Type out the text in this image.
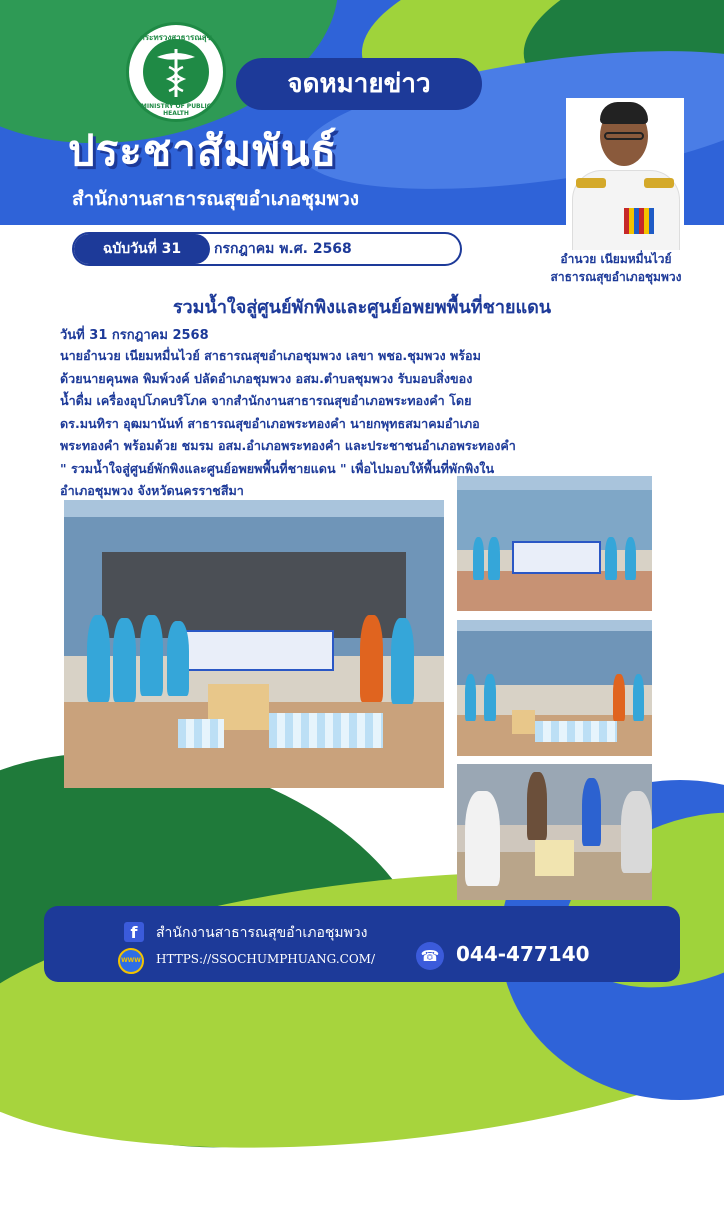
กระทรวงสาธารณสุข
MINISTRY OF PUBLIC HEALTH
จดหมายข่าว
ประชาสัมพันธ์
สำนักงานสาธารณสุขอำเภอชุมพวง
ฉบับวันที่ 31	กรกฎาคม พ.ศ. 2568
อำนวย เนียมหมื่นไวย์
สาธารณสุขอำเภอชุมพวง
รวมน้ำใจสู่ศูนย์พักพิงและศูนย์อพยพพื้นที่ชายแดน
วันที่ 31 กรกฎาคม 2568

นายอำนวย เนียมหมื่นไวย์ สาธารณสุขอำเภอชุมพวง เลขา พชอ.ชุมพวง พร้อม

ด้วยนายคุนพล พิมพ์วงค์ ปลัดอำเภอชุมพวง อสม.ตำบลชุมพวง รับมอบสิ่งของ

น้ำดื่ม เครื่องอุปโภคบริโภค จากสำนักงานสาธารณสุขอำเภอพระทองคำ โดย

ดร.มนทิรา อุฒมานันท์ สาธารณสุขอำเภอพระทองคำ นายกพุทธสมาคมอำเภอ

พระทองคำ พร้อมด้วย ชมรม อสม.อำเภอพระทองคำ และประชาชนอำเภอพระทองคำ

" รวมน้ำใจสู่ศูนย์พักพิงและศูนย์อพยพพื้นที่ชายแดน " เพื่อไปมอบให้พื้นที่พักพิงใน

อำเภอชุมพวง จังหวัดนครราชสีมา

f	สำนักงานสาธารณสุขอำเภอชุมพวง
WWW HTTPS://SSOCHUMPHUANG.COM/	☎ 044-477140
